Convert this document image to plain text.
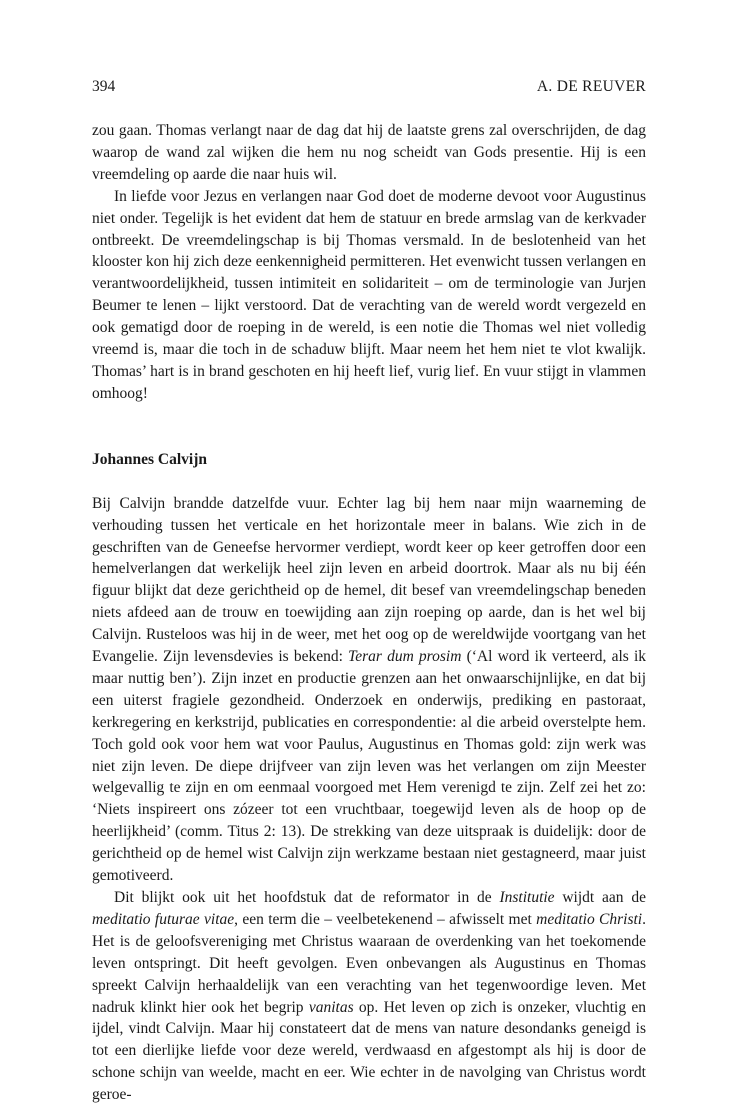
394	A. DE REUVER

zou gaan. Thomas verlangt naar de dag dat hij de laatste grens zal overschrijden, de dag waarop de wand zal wijken die hem nu nog scheidt van Gods presentie. Hij is een vreemdeling op aarde die naar huis wil.

In liefde voor Jezus en verlangen naar God doet de moderne devoot voor Augustinus niet onder. Tegelijk is het evident dat hem de statuur en brede armslag van de kerkvader ontbreekt. De vreemdelingschap is bij Thomas versmald. In de beslotenheid van het klooster kon hij zich deze eenkennigheid permitteren. Het evenwicht tussen verlangen en verantwoordelijkheid, tussen intimiteit en solidariteit – om de terminologie van Jurjen Beumer te lenen – lijkt verstoord. Dat de verachting van de wereld wordt vergezeld en ook gematigd door de roeping in de wereld, is een notie die Thomas wel niet volledig vreemd is, maar die toch in de schaduw blijft. Maar neem het hem niet te vlot kwalijk. Thomas’ hart is in brand geschoten en hij heeft lief, vurig lief. En vuur stijgt in vlammen omhoog!

Johannes Calvijn

Bij Calvijn brandde datzelfde vuur. Echter lag bij hem naar mijn waarneming de verhouding tussen het verticale en het horizontale meer in balans. Wie zich in de geschriften van de Geneefse hervormer verdiept, wordt keer op keer getroffen door een hemelverlangen dat werkelijk heel zijn leven en arbeid doortrok. Maar als nu bij één figuur blijkt dat deze gerichtheid op de hemel, dit besef van vreemdelingschap beneden niets afdeed aan de trouw en toewijding aan zijn roeping op aarde, dan is het wel bij Calvijn. Rusteloos was hij in de weer, met het oog op de wereldwijde voortgang van het Evangelie. Zijn levensdevies is bekend: Terar dum prosim (‘Al word ik verteerd, als ik maar nuttig ben’). Zijn inzet en productie grenzen aan het onwaarschijnlijke, en dat bij een uiterst fragiele gezondheid. Onderzoek en onderwijs, prediking en pastoraat, kerkregering en kerkstrijd, publicaties en correspondentie: al die arbeid overstelpte hem. Toch gold ook voor hem wat voor Paulus, Augustinus en Thomas gold: zijn werk was niet zijn leven. De diepe drijfveer van zijn leven was het verlangen om zijn Meester welgevallig te zijn en om eenmaal voorgoed met Hem verenigd te zijn. Zelf zei het zo: ‘Niets inspireert ons zózeer tot een vruchtbaar, toegewijd leven als de hoop op de heerlijkheid’ (comm. Titus 2: 13). De strekking van deze uitspraak is duidelijk: door de gerichtheid op de hemel wist Calvijn zijn werkzame bestaan niet gestagneerd, maar juist gemotiveerd.

Dit blijkt ook uit het hoofdstuk dat de reformator in de Institutie wijdt aan de meditatio futurae vitae, een term die – veelbetekenend – afwisselt met meditatio Christi. Het is de geloofsvereniging met Christus waaraan de overdenking van het toekomende leven ontspringt. Dit heeft gevolgen. Even onbevangen als Augustinus en Thomas spreekt Calvijn herhaaldelijk van een verachting van het tegenwoordige leven. Met nadruk klinkt hier ook het begrip vanitas op. Het leven op zich is onzeker, vluchtig en ijdel, vindt Calvijn. Maar hij constateert dat de mens van nature desondanks geneigd is tot een dierlijke liefde voor deze wereld, verdwaasd en afgestompt als hij is door de schone schijn van weelde, macht en eer. Wie echter in de navolging van Christus wordt geroe-
